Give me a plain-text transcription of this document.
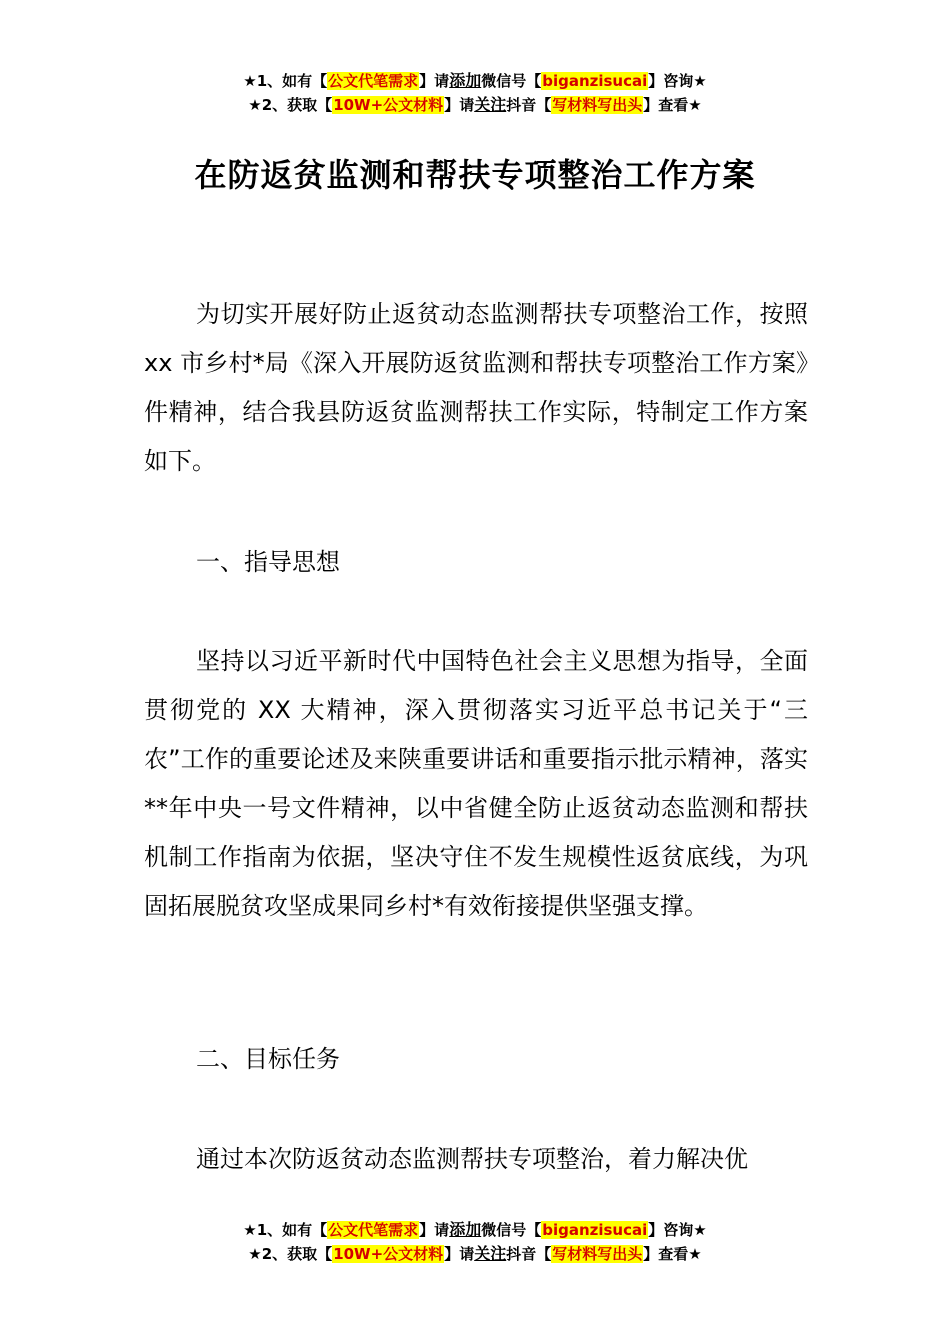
★1、如有【公文代笔需求】请添加微信号【biganzisucai】咨询★
★2、获取【10W+公文材料】请关注抖音【写材料写出头】查看★
在防返贫监测和帮扶专项整治工作方案

为切实开展好防止返贫动态监测帮扶专项整治工作，按照 xx 市乡村*局《深入开展防返贫监测和帮扶专项整治工作方案》件精神，结合我县防返贫监测帮扶工作实际，特制定工作方案如下。

一、指导思想

坚持以习近平新时代中国特色社会主义思想为指导，全面贯彻党的 XX 大精神，深入贯彻落实习近平总书记关于“三农”工作的重要论述及来陕重要讲话和重要指示批示精神，落实**年中央一号文件精神，以中省健全防止返贫动态监测和帮扶机制工作指南为依据，坚决守住不发生规模性返贫底线，为巩固拓展脱贫攻坚成果同乡村*有效衔接提供坚强支撑。

二、目标任务

通过本次防返贫动态监测帮扶专项整治，着力解决优

★1、如有【公文代笔需求】请添加微信号【biganzisucai】咨询★
★2、获取【10W+公文材料】请关注抖音【写材料写出头】查看★
